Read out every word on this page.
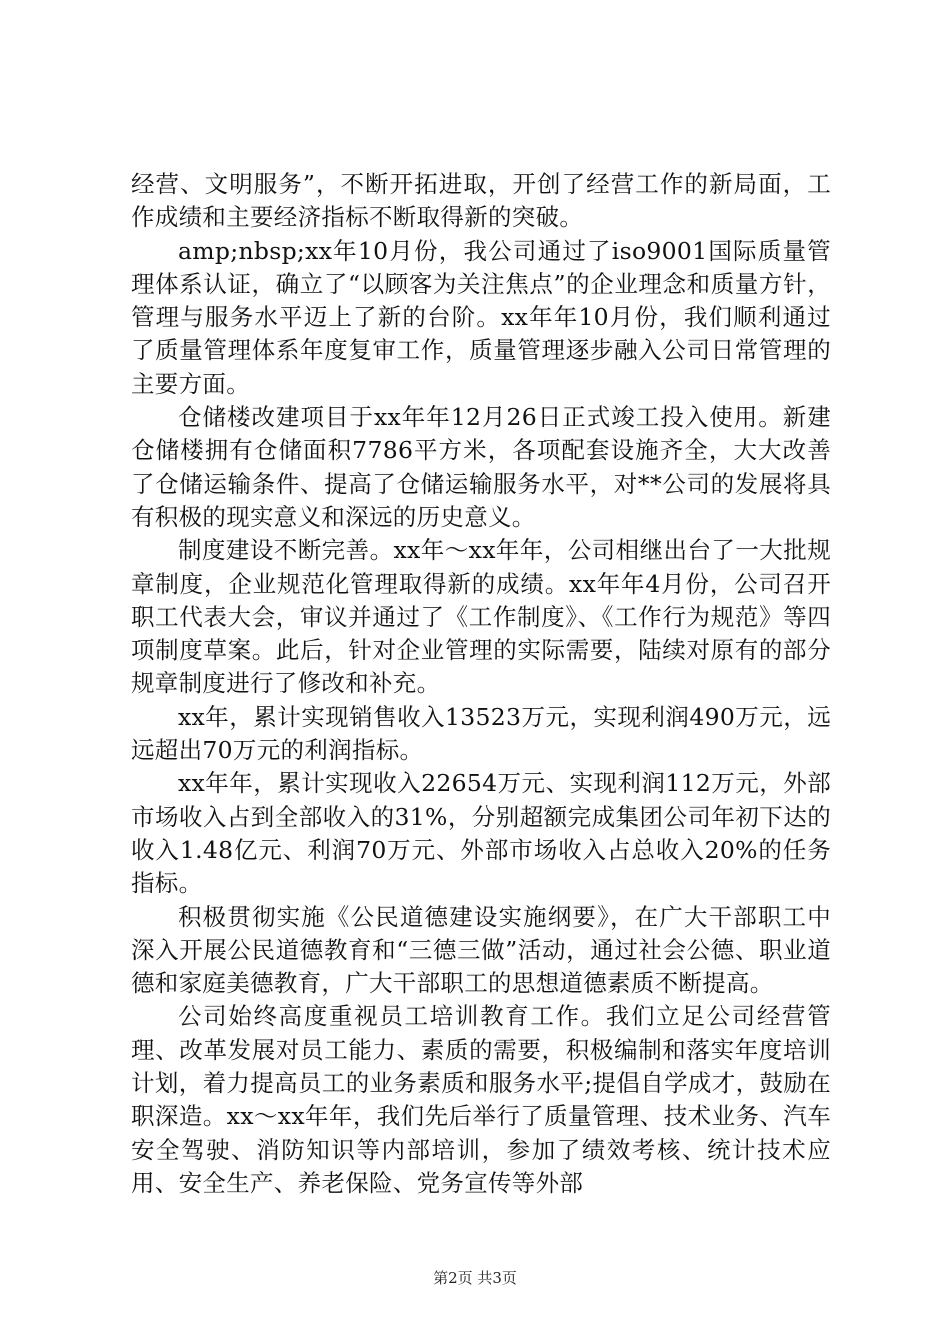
经营、文明服务”，不断开拓进取，开创了经营工作的新局面，工作成绩和主要经济指标不断取得新的突破。

amp;nbsp;xx年10月份，我公司通过了iso9001国际质量管理体系认证，确立了“以顾客为关注焦点”的企业理念和质量方针，管理与服务水平迈上了新的台阶。xx年年10月份，我们顺利通过了质量管理体系年度复审工作，质量管理逐步融入公司日常管理的主要方面。

仓储楼改建项目于xx年年12月26日正式竣工投入使用。新建仓储楼拥有仓储面积7786平方米，各项配套设施齐全，大大改善了仓储运输条件、提高了仓储运输服务水平，对**公司的发展将具有积极的现实意义和深远的历史意义。

制度建设不断完善。xx年～xx年年，公司相继出台了一大批规章制度，企业规范化管理取得新的成绩。xx年年4月份，公司召开职工代表大会，审议并通过了《工作制度》、《工作行为规范》等四项制度草案。此后，针对企业管理的实际需要，陆续对原有的部分规章制度进行了修改和补充。

xx年，累计实现销售收入13523万元，实现利润490万元，远远超出70万元的利润指标。

xx年年，累计实现收入22654万元、实现利润112万元，外部市场收入占到全部收入的31%，分别超额完成集团公司年初下达的收入1.48亿元、利润70万元、外部市场收入占总收入20%的任务指标。

积极贯彻实施《公民道德建设实施纲要》，在广大干部职工中深入开展公民道德教育和“三德三做”活动，通过社会公德、职业道德和家庭美德教育，广大干部职工的思想道德素质不断提高。

公司始终高度重视员工培训教育工作。我们立足公司经营管理、改革发展对员工能力、素质的需要，积极编制和落实年度培训计划，着力提高员工的业务素质和服务水平;提倡自学成才，鼓励在职深造。xx～xx年年，我们先后举行了质量管理、技术业务、汽车安全驾驶、消防知识等内部培训，参加了绩效考核、统计技术应用、安全生产、养老保险、党务宣传等外部

第2页 共3页
